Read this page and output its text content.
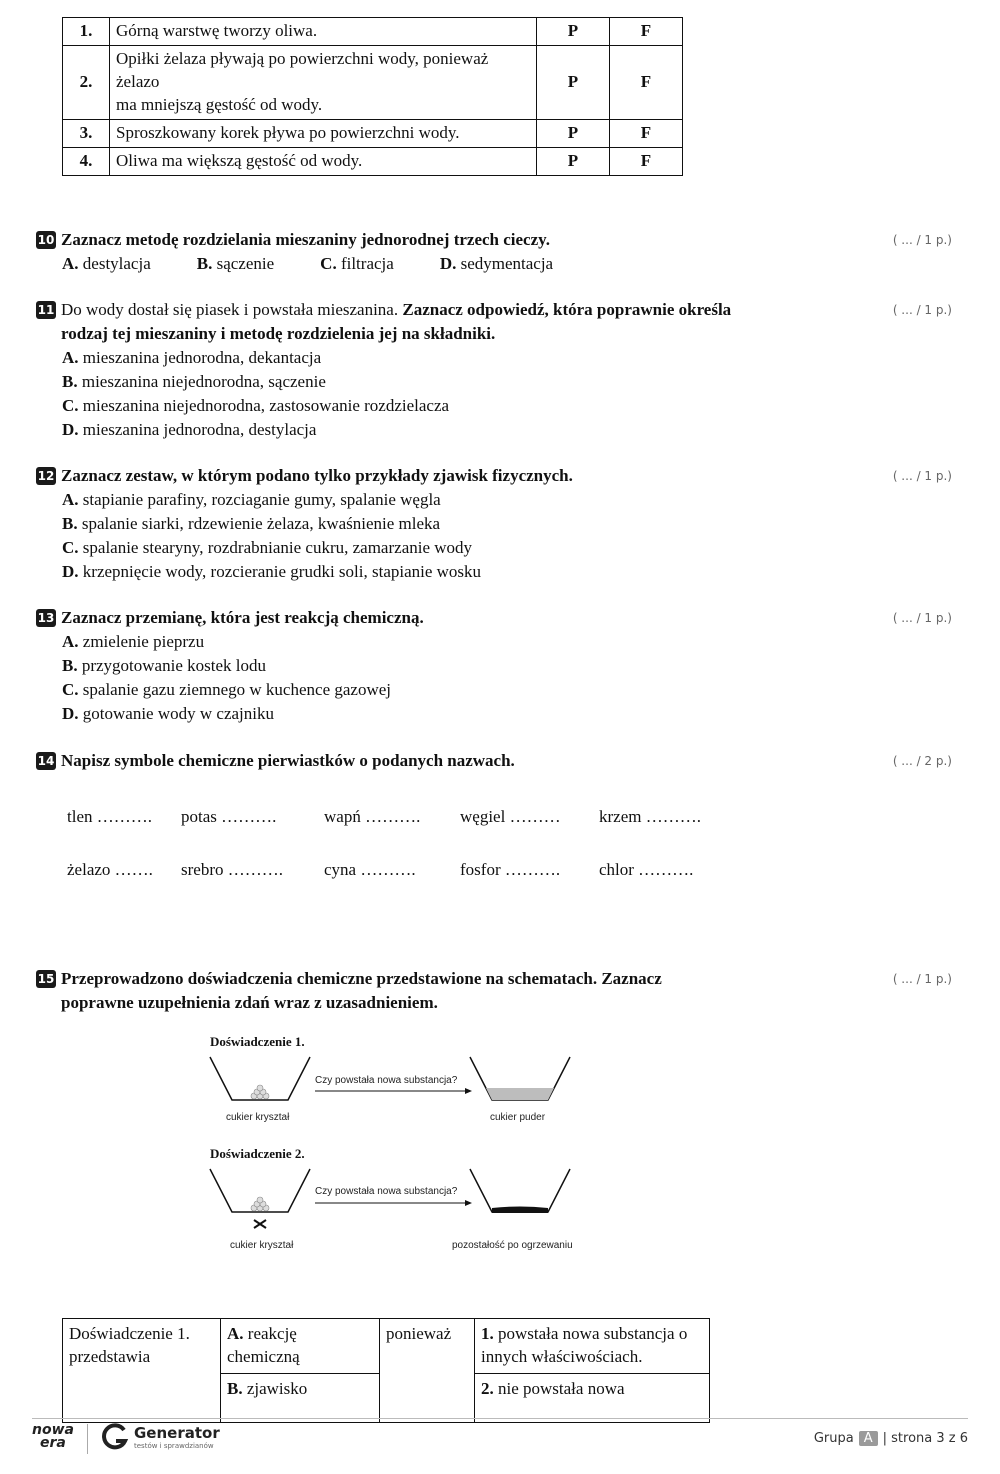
1.	Górną warstwę tworzy oliwa.	P	F
2.	Opiłki żelaza pływają po powierzchni wody, ponieważ
żelazo
ma mniejszą gęstość od wody.	P	F
3.	Sproszkowany korek pływa po powierzchni wody.	P	F
4.	Oliwa ma większą gęstość od wody.	P	F
( ... / 1 p.)
10 Zaznacz metodę rozdzielania mieszaniny jednorodnej trzech cieczy.
A. destylacja	B. sączenie	C. filtracja	D. sedymentacja
( ... / 1 p.)
11 Do wody dostał się piasek i powstała mieszanina. Zaznacz odpowiedź, która poprawnie określa rodzaj tej mieszaniny i metodę rozdzielenia jej na składniki.
A. mieszanina jednorodna, dekantacja
B. mieszanina niejednorodna, sączenie
C. mieszanina niejednorodna, zastosowanie rozdzielacza
D. mieszanina jednorodna, destylacja
( ... / 1 p.)
12 Zaznacz zestaw, w którym podano tylko przykłady zjawisk fizycznych.
A. stapianie parafiny, rozciaganie gumy, spalanie węgla
B. spalanie siarki, rdzewienie żelaza, kwaśnienie mleka
C. spalanie stearyny, rozdrabnianie cukru, zamarzanie wody
D. krzepnięcie wody, rozcieranie grudki soli, stapianie wosku
( ... / 1 p.)
13 Zaznacz przemianę, która jest reakcją chemiczną.
A. zmielenie pieprzu
B. przygotowanie kostek lodu
C. spalanie gazu ziemnego w kuchence gazowej
D. gotowanie wody w czajniku
( ... / 2 p.)
14 Napisz symbole chemiczne pierwiastków o podanych nazwach.
tlen ………. potas ……….	wapń ………. węgiel ……… krzem ……….
żelazo ……. srebro ………. cyna ……….	fosfor ………. chlor ……….
( ... / 1 p.)
15 Przeprowadzono doświadczenia chemiczne przedstawione na schematach. Zaznacz
poprawne uzupełnienia zdań wraz z uzasadnieniem.
Doświadczenie 1.
Czy powstała nowa substancja?
cukier kryształ	cukier puder
Doświadczenie 2.
Czy powstała nowa substancja?
cukier kryształ	pozostałość po ogrzewaniu
Doświadczenie 1. przedstawia	A. reakcję chemiczną	ponieważ	1. powstała nowa substancja o innych właściwościach.
	B. zjawisko		2. nie powstała nowa
nowa
era
Generator
testów i sprawdzianów	Grupa A | strona 3 z 6
